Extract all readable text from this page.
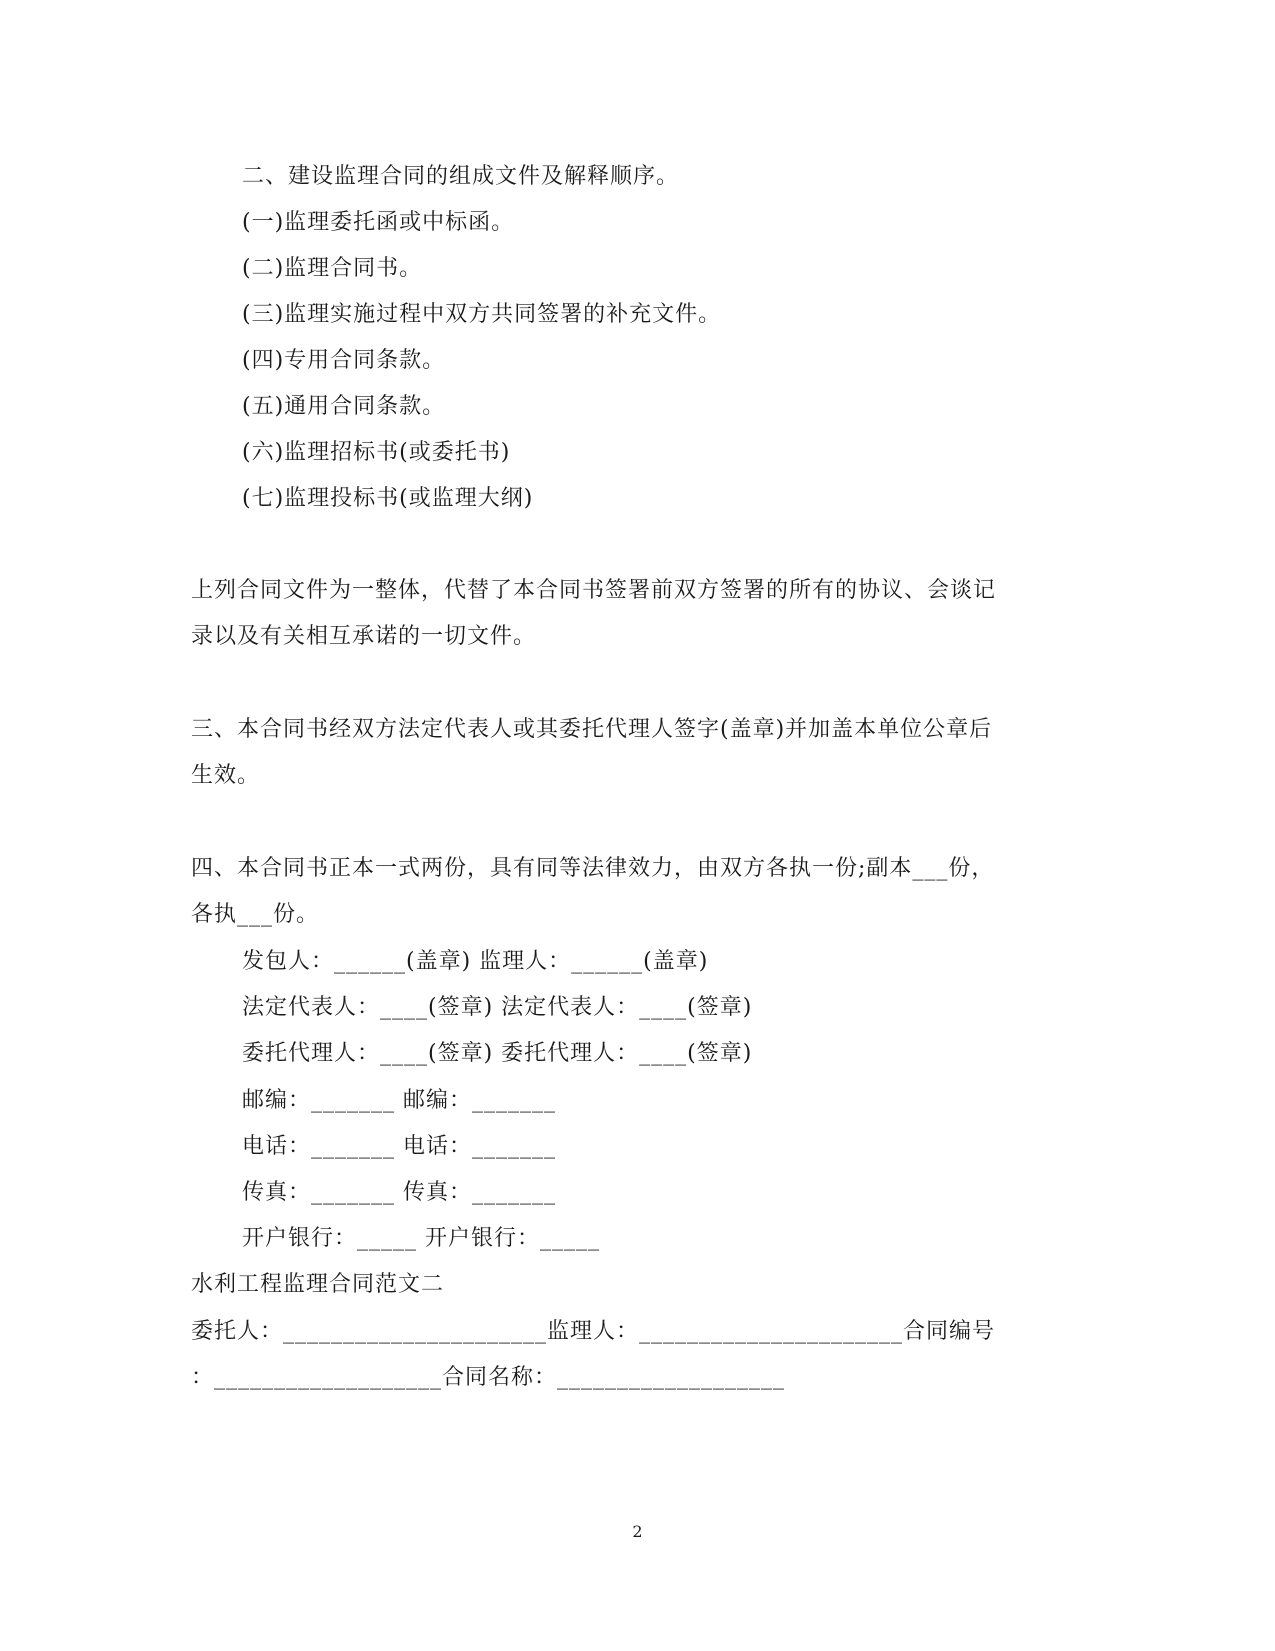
二、建设监理合同的组成文件及解释顺序。
(一)监理委托函或中标函。
(二)监理合同书。
(三)监理实施过程中双方共同签署的补充文件。
(四)专用合同条款。
(五)通用合同条款。
(六)监理招标书(或委托书)
(七)监理投标书(或监理大纲)
上列合同文件为一整体，代替了本合同书签署前双方签署的所有的协议、会谈记
录以及有关相互承诺的一切文件。
三、本合同书经双方法定代表人或其委托代理人签字(盖章)并加盖本单位公章后
生效。
四、本合同书正本一式两份，具有同等法律效力，由双方各执一份;副本___份，
各执___份。
发包人：______(盖章) 监理人：______(盖章)
法定代表人：____(签章) 法定代表人：____(签章)
委托代理人：____(签章) 委托代理人：____(签章)
邮编：_______ 邮编：_______
电话：_______ 电话：_______
传真：_______ 传真：_______
开户银行：_____ 开户银行：_____
水利工程监理合同范文二
委托人：______________________监理人：______________________合同编号
：___________________合同名称：___________________
2
